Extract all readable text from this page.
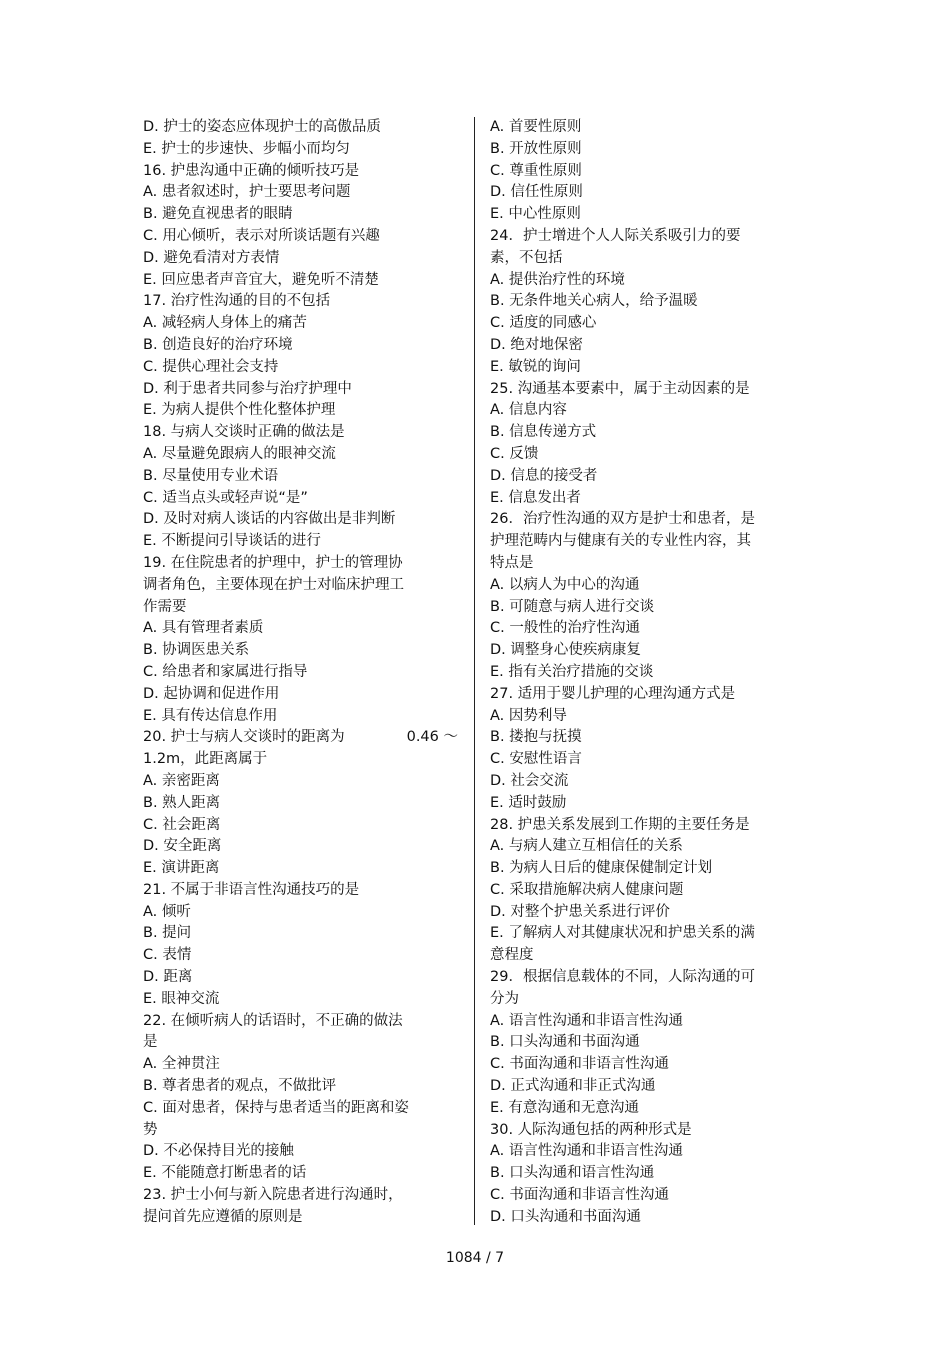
D. 护士的姿态应体现护士的高傲品质
E. 护士的步速快、步幅小而均匀
16. 护患沟通中正确的倾听技巧是
A. 患者叙述时，护士要思考问题
B. 避免直视患者的眼睛
C. 用心倾听，表示对所谈话题有兴趣
D. 避免看清对方表情
E. 回应患者声音宜大，避免听不清楚
17. 治疗性沟通的目的不包括
A. 减轻病人身体上的痛苦
B. 创造良好的治疗环境
C. 提供心理社会支持
D. 利于患者共同参与治疗护理中
E. 为病人提供个性化整体护理
18. 与病人交谈时正确的做法是
A. 尽量避免跟病人的眼神交流
B. 尽量使用专业术语
C. 适当点头或轻声说“是”
D. 及时对病人谈话的内容做出是非判断
E. 不断提问引导谈话的进行
19. 在住院患者的护理中，护士的管理协
调者角色，主要体现在护士对临床护理工
作需要
A. 具有管理者素质
B. 协调医患关系
C. 给患者和家属进行指导
D. 起协调和促进作用
E. 具有传达信息作用
20. 护士与病人交谈时的距离为	0.46 ～
1.2m，此距离属于
A. 亲密距离
B. 熟人距离
C. 社会距离
D. 安全距离
E. 演讲距离
21. 不属于非语言性沟通技巧的是
A. 倾听
B. 提问
C. 表情
D. 距离
E. 眼神交流
22. 在倾听病人的话语时，不正确的做法
是
A. 全神贯注
B. 尊者患者的观点，不做批评
C. 面对患者，保持与患者适当的距离和姿
势
D. 不必保持目光的接触
E. 不能随意打断患者的话
23. 护士小何与新入院患者进行沟通时，
提问首先应遵循的原则是
A. 首要性原则
B. 开放性原则
C. 尊重性原则
D. 信任性原则
E. 中心性原则
24．护士增进个人人际关系吸引力的要
素，不包括
A. 提供治疗性的环境
B. 无条件地关心病人，给予温暖
C. 适度的同感心
D. 绝对地保密
E. 敏锐的询问
25. 沟通基本要素中，属于主动因素的是
A. 信息内容
B. 信息传递方式
C. 反馈
D. 信息的接受者
E. 信息发出者
26．治疗性沟通的双方是护士和患者，是
护理范畴内与健康有关的专业性内容，其
特点是
A. 以病人为中心的沟通
B. 可随意与病人进行交谈
C. 一般性的治疗性沟通
D. 调整身心使疾病康复
E. 指有关治疗措施的交谈
27. 适用于婴儿护理的心理沟通方式是
A. 因势利导
B. 搂抱与抚摸
C. 安慰性语言
D. 社会交流
E. 适时鼓励
28. 护患关系发展到工作期的主要任务是
A. 与病人建立互相信任的关系
B. 为病人日后的健康保健制定计划
C. 采取措施解决病人健康问题
D. 对整个护患关系进行评价
E. 了解病人对其健康状况和护患关系的满
意程度
29．根据信息载体的不同，人际沟通的可
分为
A. 语言性沟通和非语言性沟通
B. 口头沟通和书面沟通
C. 书面沟通和非语言性沟通
D. 正式沟通和非正式沟通
E. 有意沟通和无意沟通
30. 人际沟通包括的两种形式是
A. 语言性沟通和非语言性沟通
B. 口头沟通和语言性沟通
C. 书面沟通和非语言性沟通
D. 口头沟通和书面沟通
1084 / 7
